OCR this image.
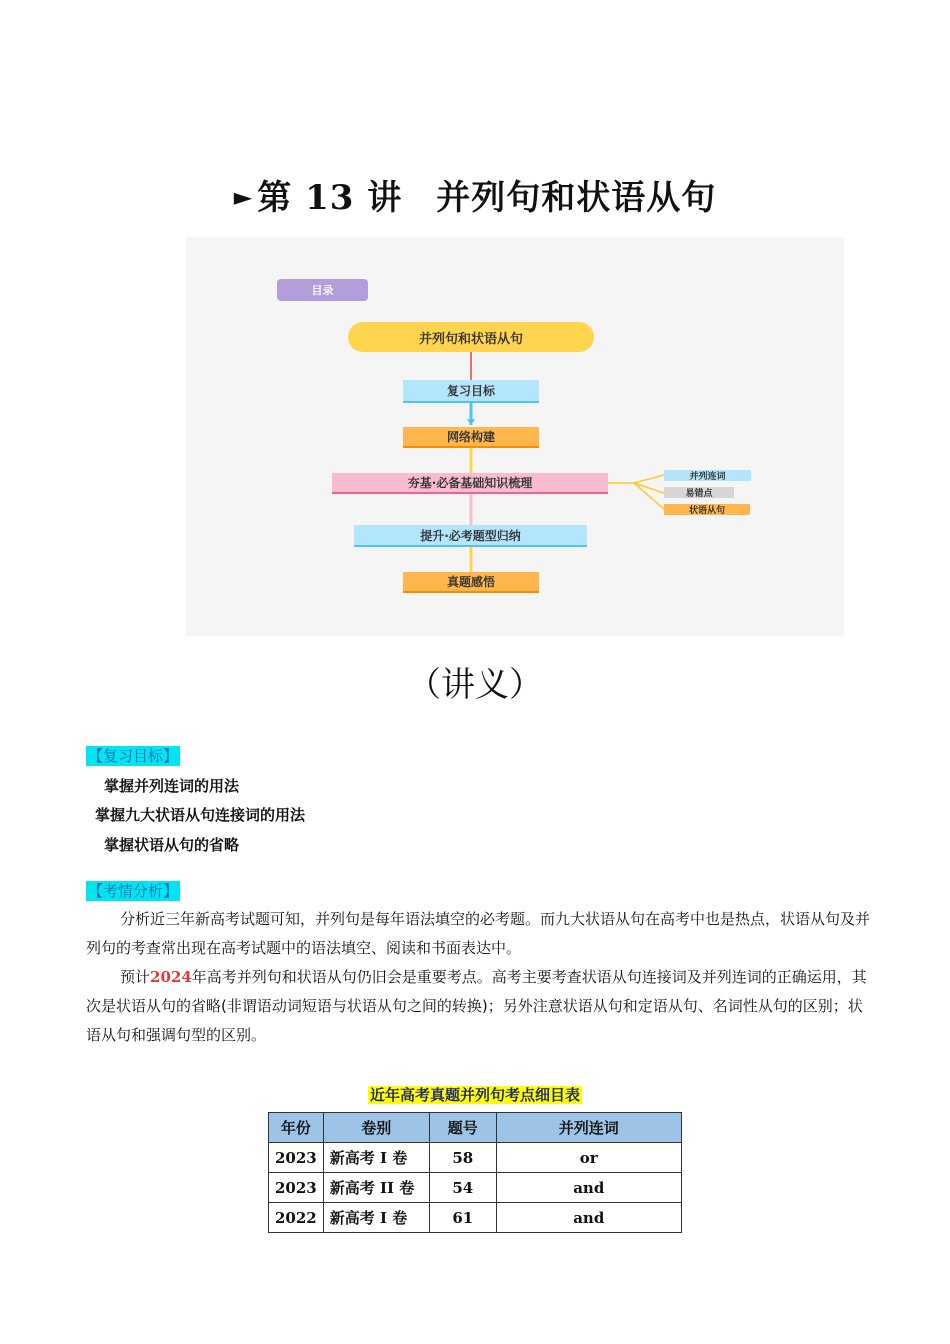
► 第 13 讲 并列句和状语从句
目录
并列句和状语从句
复习目标
网络构建
夯基·必备基础知识梳理
提升·必考题型归纳
真题感悟
并列连词
易错点
状语从句
（讲义）
【复习目标】
掌握并列连词的用法
掌握九大状语从句连接词的用法
掌握状语从句的省略
【考情分析】
分析近三年新高考试题可知，并列句是每年语法填空的必考题。而九大状语从句在高考中也是热点，状语从句及并列句的考查常出现在高考试题中的语法填空、阅读和书面表达中。
预计2024年高考并列句和状语从句仍旧会是重要考点。高考主要考查状语从句连接词及并列连词的正确运用，其次是状语从句的省略(非谓语动词短语与状语从句之间的转换)；另外注意状语从句和定语从句、名词性从句的区别；状语从句和强调句型的区别。
近年高考真题并列句考点细目表
年份	卷别	题号	并列连词
2023	新高考 I 卷	58	or
2023	新高考 II 卷	54	and
2022	新高考 I 卷	61	and
